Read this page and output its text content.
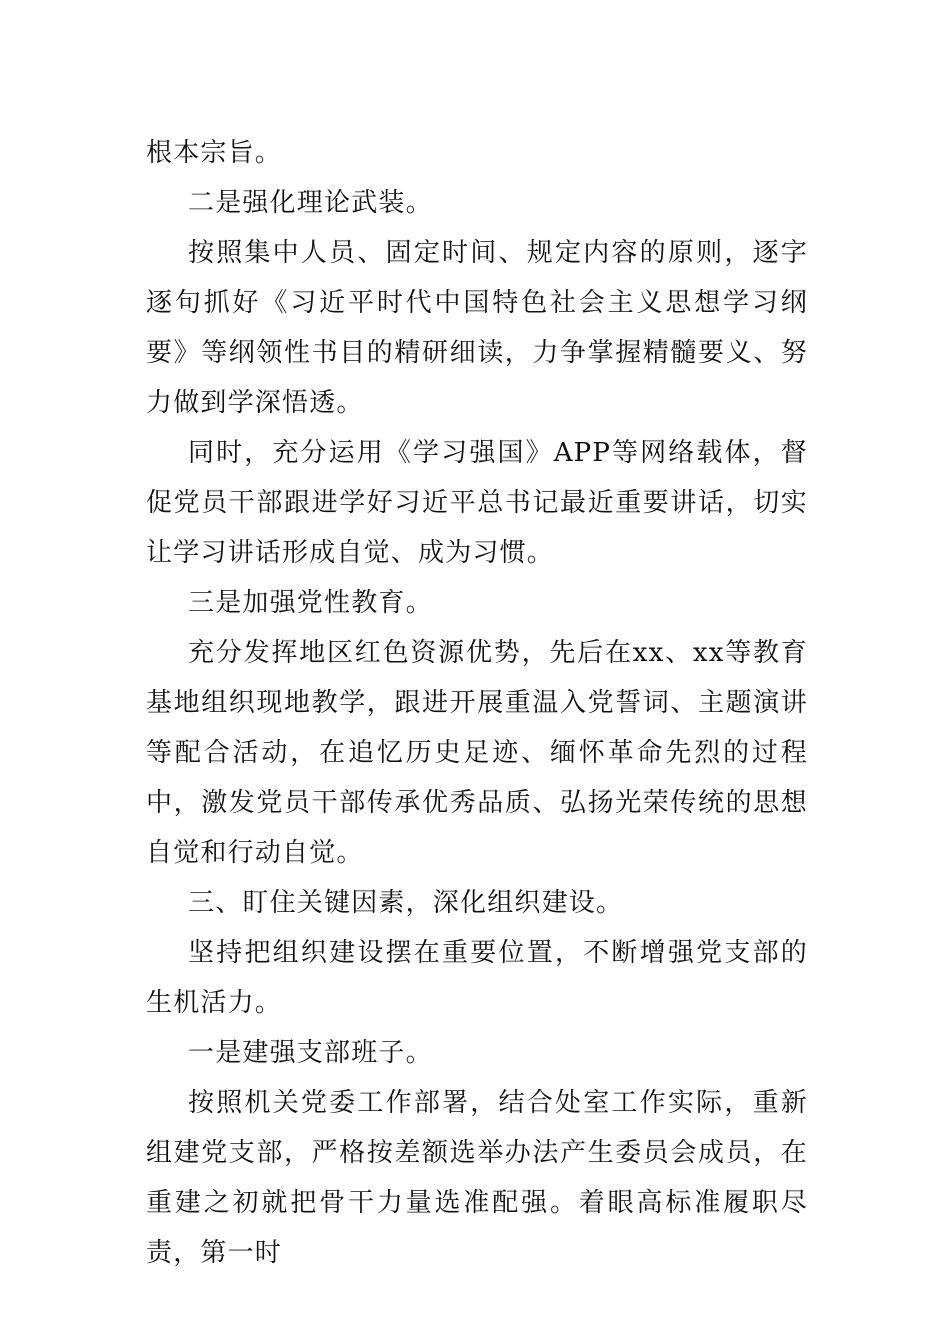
根本宗旨。

二是强化理论武装。

按照集中人员、固定时间、规定内容的原则，逐字逐句抓好《习近平时代中国特色社会主义思想学习纲要》等纲领性书目的精研细读，力争掌握精髓要义、努力做到学深悟透。

同时，充分运用《学习强国》APP等网络载体，督促党员干部跟进学好习近平总书记最近重要讲话，切实让学习讲话形成自觉、成为习惯。

三是加强党性教育。

充分发挥地区红色资源优势，先后在xx、xx等教育基地组织现地教学，跟进开展重温入党誓词、主题演讲等配合活动，在追忆历史足迹、缅怀革命先烈的过程中，激发党员干部传承优秀品质、弘扬光荣传统的思想自觉和行动自觉。

三、盯住关键因素，深化组织建设。

坚持把组织建设摆在重要位置，不断增强党支部的生机活力。

一是建强支部班子。

按照机关党委工作部署，结合处室工作实际，重新组建党支部，严格按差额选举办法产生委员会成员，在重建之初就把骨干力量选准配强。着眼高标准履职尽责，第一时
